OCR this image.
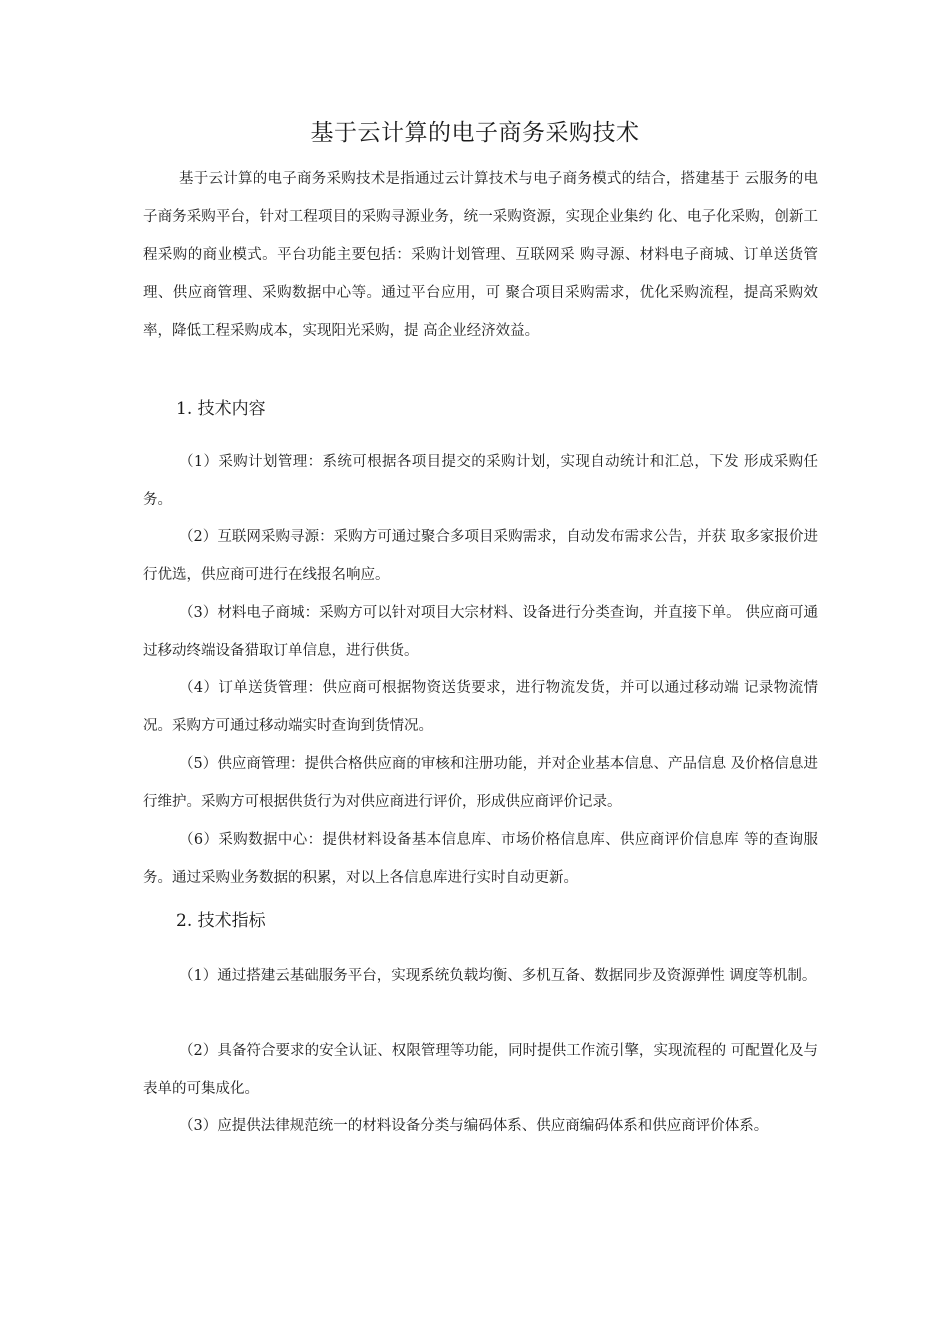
基于云计算的电子商务采购技术

基于云计算的电子商务采购技术是指通过云计算技术与电子商务模式的结合，搭建基于 云服务的电子商务采购平台，针对工程项目的采购寻源业务，统一采购资源，实现企业集约 化、电子化采购，创新工程采购的商业模式。平台功能主要包括：采购计划管理、互联网采 购寻源、材料电子商城、订单送货管理、供应商管理、采购数据中心等。通过平台应用，可 聚合项目采购需求，优化采购流程，提高采购效率，降低工程采购成本，实现阳光采购，提 高企业经济效益。

1. 技术内容

（1）采购计划管理：系统可根据各项目提交的采购计划，实现自动统计和汇总，下发 形成采购任务。

（2）互联网采购寻源：采购方可通过聚合多项目采购需求，自动发布需求公告，并获 取多家报价进行优选，供应商可进行在线报名响应。

（3）材料电子商城：采购方可以针对项目大宗材料、设备进行分类查询，并直接下单。 供应商可通过移动终端设备猎取订单信息，进行供货。

（4）订单送货管理：供应商可根据物资送货要求，进行物流发货，并可以通过移动端 记录物流情况。采购方可通过移动端实时查询到货情况。

（5）供应商管理：提供合格供应商的审核和注册功能，并对企业基本信息、产品信息 及价格信息进行维护。采购方可根据供货行为对供应商进行评价，形成供应商评价记录。

（6）采购数据中心：提供材料设备基本信息库、市场价格信息库、供应商评价信息库 等的查询服务。通过采购业务数据的积累，对以上各信息库进行实时自动更新。

2. 技术指标

（1）通过搭建云基础服务平台，实现系统负载均衡、多机互备、数据同步及资源弹性 调度等机制。

（2）具备符合要求的安全认证、权限管理等功能，同时提供工作流引擎，实现流程的 可配置化及与表单的可集成化。

（3）应提供法律规范统一的材料设备分类与编码体系、供应商编码体系和供应商评价体系。
